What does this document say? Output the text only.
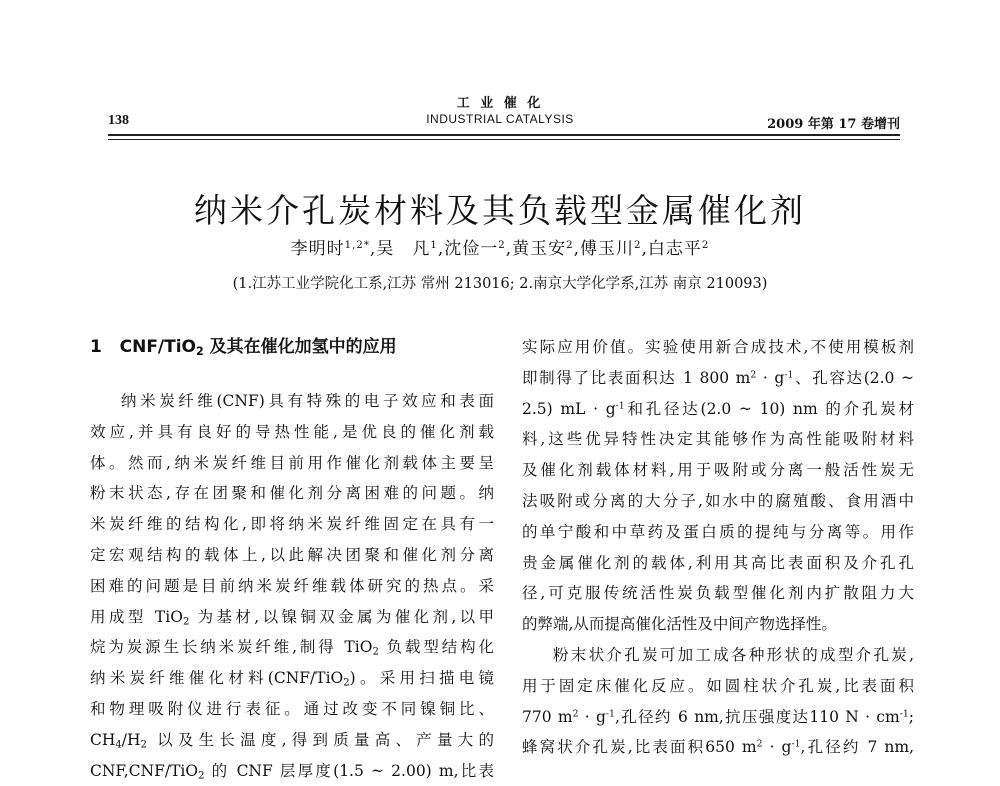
138
工 业 催 化
INDUSTRIAL CATALYSIS	2009 年第 17 卷增刊
纳米介孔炭材料及其负载型金属催化剂
李明时$^{1,2*}$,吴　凡$^1$,沈俭一$^2$,黄玉安$^2$,傅玉川$^2$,白志平$^2$
(1.江苏工业学院化工系,江苏 常州 213016; 2.南京大学化学系,江苏 南京 210093)
1 CNF/TiO$_2$ 及其在催化加氢中的应用
纳米炭纤维(CNF)具有特殊的电子效应和表面
效应,并具有良好的导热性能,是优良的催化剂载
体。然而,纳米炭纤维目前用作催化剂载体主要呈
粉末状态,存在团聚和催化剂分离困难的问题。纳
米炭纤维的结构化,即将纳米炭纤维固定在具有一
定宏观结构的载体上,以此解决团聚和催化剂分离
困难的问题是目前纳米炭纤维载体研究的热点。采
用成型 TiO$_2$ 为基材,以镍铜双金属为催化剂,以甲
烷为炭源生长纳米炭纤维,制得 TiO$_2$ 负载型结构化
纳米炭纤维催化材料(CNF/TiO$_2$)。采用扫描电镜
和物理吸附仪进行表征。通过改变不同镍铜比、
$CH_4/H_2$ 以及生长温度,得到质量高、产量大的
CNF,CNF/TiO$_2$ 的 CNF 层厚度(1.5 ~ 2.00) m,比表
实际应用价值。实验使用新合成技术,不使用模板剂
即制得了比表面积达 1 800 $m^2 \cdot g^{-1}$、孔容达(2.0 ~
2.5) mL · $g^{-1}$和孔径达(2.0 ~ 10) nm 的介孔炭材
料,这些优异特性决定其能够作为高性能吸附材料
及催化剂载体材料,用于吸附或分离一般活性炭无
法吸附或分离的大分子,如水中的腐殖酸、食用酒中
的单宁酸和中草药及蛋白质的提纯与分离等。用作
贵金属催化剂的载体,利用其高比表面积及介孔孔
径,可克服传统活性炭负载型催化剂内扩散阻力大
的弊端,从而提高催化活性及中间产物选择性。
粉末状介孔炭可加工成各种形状的成型介孔炭,
用于固定床催化反应。如圆柱状介孔炭,比表面积
770 $m^2 \cdot g^{-1}$,孔径约 6 nm,抗压强度达110 $N \cdot cm^{-1}$;
蜂窝状介孔炭,比表面积650 $m^2 \cdot g^{-1}$,孔径约 7 nm,
